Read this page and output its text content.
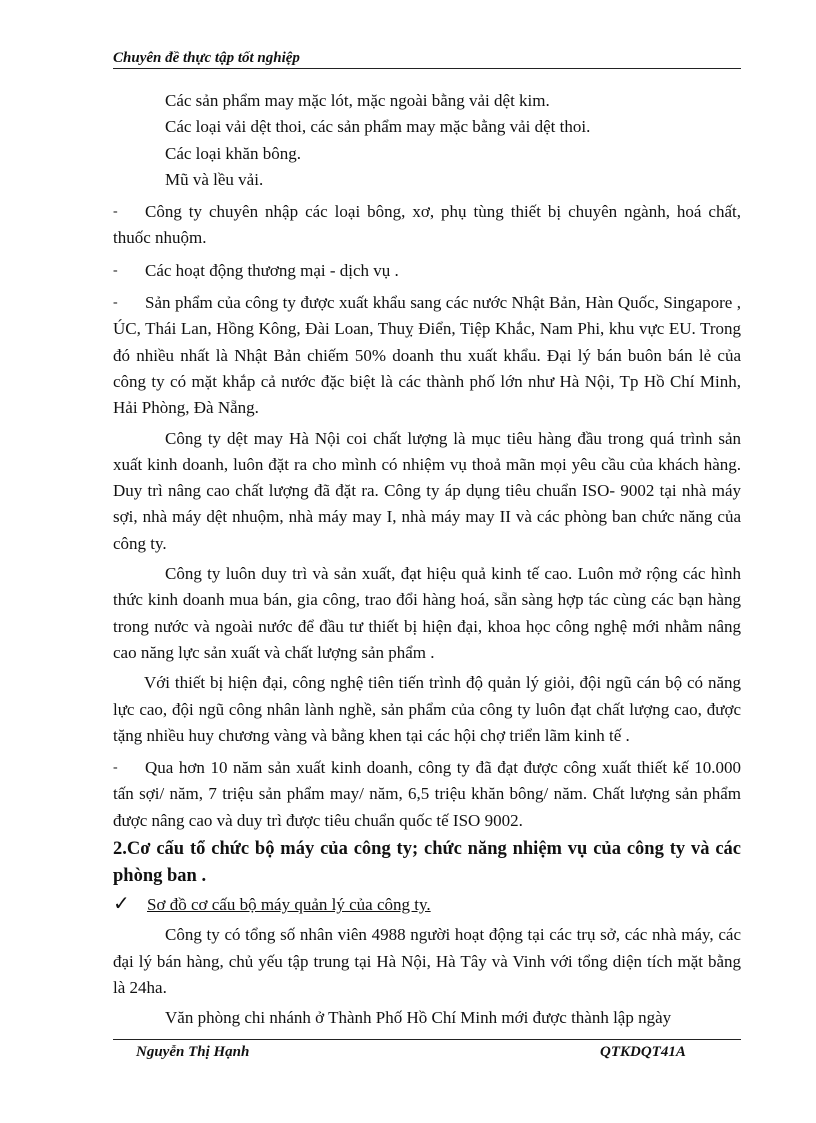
Chuyên đề thực tập tốt nghiệp

Các sản phẩm may mặc lót, mặc ngoài bằng vải dệt kim.

Các loại vải dệt thoi, các sản phẩm may mặc bằng vải dệt thoi.

Các loại khăn bông.

Mũ và lều vải.

- Công ty chuyên nhập các loại bông, xơ, phụ tùng thiết bị chuyên ngành, hoá chất, thuốc nhuộm.

- Các hoạt động thương mại - dịch vụ .

- Sản phẩm của công ty được xuất khẩu sang các nước Nhật Bản, Hàn Quốc, Singapore , ÚC, Thái Lan, Hồng Kông, Đài Loan, Thuỵ Điển, Tiệp Khắc, Nam Phi, khu vực EU. Trong đó nhiều nhất là Nhật Bản chiếm 50% doanh thu xuất khẩu. Đại lý bán buôn bán lẻ của công ty có mặt khắp cả nước đặc biệt là các thành phố lớn như Hà Nội, Tp Hồ Chí Minh, Hải Phòng, Đà Nẵng.

Công ty dệt may Hà Nội coi chất lượng là mục tiêu hàng đầu trong quá trình sản xuất kinh doanh, luôn đặt ra cho mình có nhiệm vụ thoả mãn mọi yêu cầu của khách hàng. Duy trì nâng cao chất lượng đã đặt ra. Công ty áp dụng tiêu chuẩn ISO- 9002 tại nhà máy sợi, nhà máy dệt nhuộm, nhà máy may I, nhà máy may II và các phòng ban chức năng của công ty.

Công ty luôn duy trì và sản xuất, đạt hiệu quả kinh tế cao. Luôn mở rộng các hình thức kinh doanh mua bán, gia công, trao đổi hàng hoá, sẵn sàng hợp tác cùng các bạn hàng trong nước và ngoài nước để đầu tư thiết bị hiện đại, khoa học công nghệ mới nhằm nâng cao năng lực sản xuất và chất lượng sản phẩm .

Với thiết bị hiện đại, công nghệ tiên tiến trình độ quản lý giỏi, đội ngũ cán bộ có năng lực cao, đội ngũ công nhân lành nghề, sản phẩm của công ty luôn đạt chất lượng cao, được tặng nhiều huy chương vàng và bằng khen tại các hội chợ triển lãm kinh tế .

- Qua hơn 10 năm sản xuất kinh doanh, công ty đã đạt được công xuất thiết kế 10.000 tấn sợi/ năm, 7 triệu sản phẩm may/ năm, 6,5 triệu khăn bông/ năm. Chất lượng sản phẩm được nâng cao và duy trì được tiêu chuẩn quốc tế ISO 9002.

2.Cơ cấu tổ chức bộ máy của công ty; chức năng nhiệm vụ của công ty và các phòng ban .

✓ Sơ đồ cơ cấu bộ máy quản lý của công ty.

Công ty có tổng số nhân viên 4988 người hoạt động tại các trụ sở, các nhà máy, các đại lý bán hàng, chủ yếu tập trung tại Hà Nội, Hà Tây và Vinh với tổng diện tích mặt bằng là 24ha.

Văn phòng chi nhánh ở Thành Phố Hồ Chí Minh mới được thành lập ngày

Nguyễn Thị Hạnh	QTKDQT41A
